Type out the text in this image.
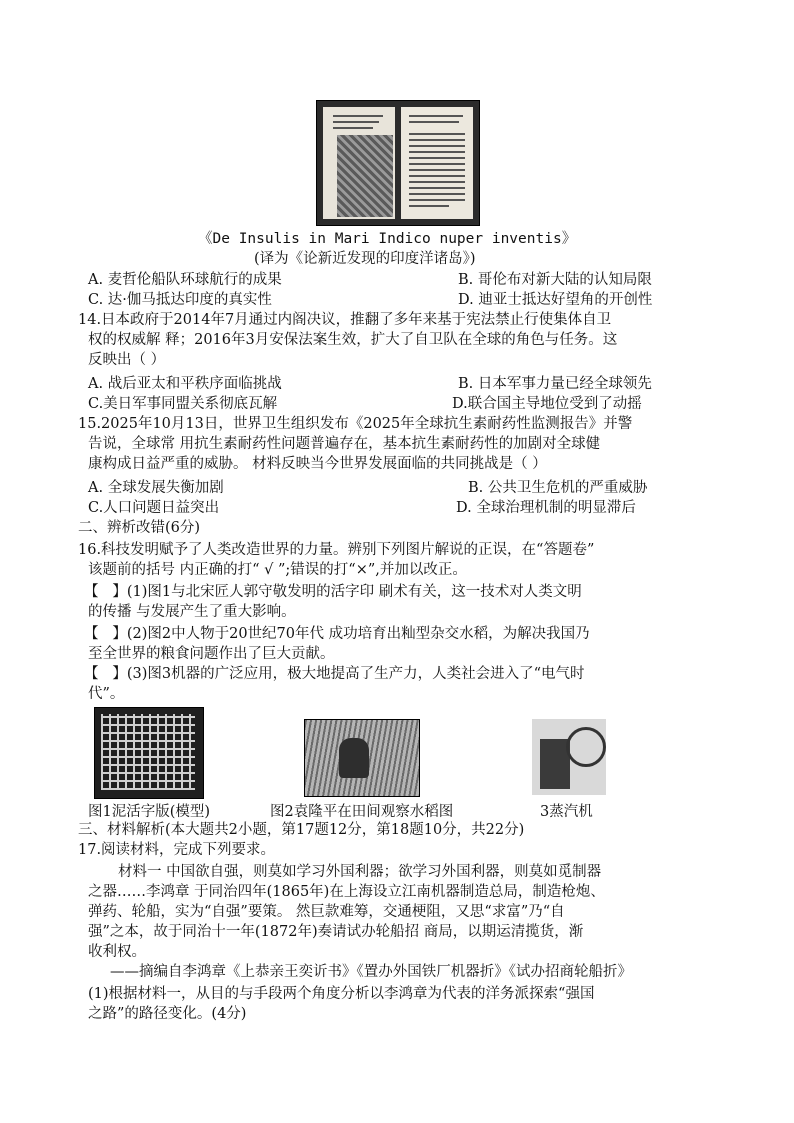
《De Insulis in Mari Indico nuper inventis》
(译为《论新近发现的印度洋诸岛》)
A. 麦哲伦船队环球航行的成果	B. 哥伦布对新大陆的认知局限
C. 达·伽马抵达印度的真实性	D. 迪亚士抵达好望角的开创性
14.日本政府于2014年7月通过内阁决议，推翻了多年来基于宪法禁止行使集体自卫
权的权威解 释；2016年3月安保法案生效，扩大了自卫队在全球的角色与任务。这
反映出（ ）
A. 战后亚太和平秩序面临挑战	B. 日本军事力量已经全球领先
C.美日军事同盟关系彻底瓦解	D.联合国主导地位受到了动摇
15.2025年10月13日，世界卫生组织发布《2025年全球抗生素耐药性监测报告》并警
告说，全球常 用抗生素耐药性问题普遍存在，基本抗生素耐药性的加剧对全球健
康构成日益严重的威胁。 材料反映当今世界发展面临的共同挑战是（ ）
A. 全球发展失衡加剧	B. 公共卫生危机的严重威胁
C.人口问题日益突出	D. 全球治理机制的明显滞后
二、辨析改错(6分)
16.科技发明赋予了人类改造世界的力量。辨别下列图片解说的正误，在“答题卷”
该题前的括号 内正确的打“ √ ”;错误的打“×”,并加以改正。
【 】(1)图1与北宋匠人郭守敬发明的活字印 刷术有关，这一技术对人类文明
的传播 与发展产生了重大影响。
【 】(2)图2中人物于20世纪70年代 成功培育出籼型杂交水稻，为解决我国乃
至全世界的粮食问题作出了巨大贡献。
【 】(3)图3机器的广泛应用，极大地提高了生产力，人类社会进入了“电气时
代”。
图1泥活字版(模型)	图2袁隆平在田间观察水稻图	3蒸汽机
三、材料解析(本大题共2小题，第17题12分，第18题10分，共22分)
17.阅读材料，完成下列要求。
材料一 中国欲自强，则莫如学习外国利器；欲学习外国利器，则莫如觅制器
之器……李鸿章 于同治四年(1865年)在上海设立江南机器制造总局，制造枪炮、
弹药、轮船，实为“自强”要策。 然巨款难筹，交通梗阻，又思“求富”乃“自
强”之本，故于同治十一年(1872年)奏请试办轮船招 商局，以期运清揽货，渐
收利权。
——摘编自李鸿章《上恭亲王奕䜣书》《置办外国铁厂机器折》《试办招商轮船折》
(1)根据材料一，从目的与手段两个角度分析以李鸿章为代表的洋务派探索“强国
之路”的路径变化。(4分)
